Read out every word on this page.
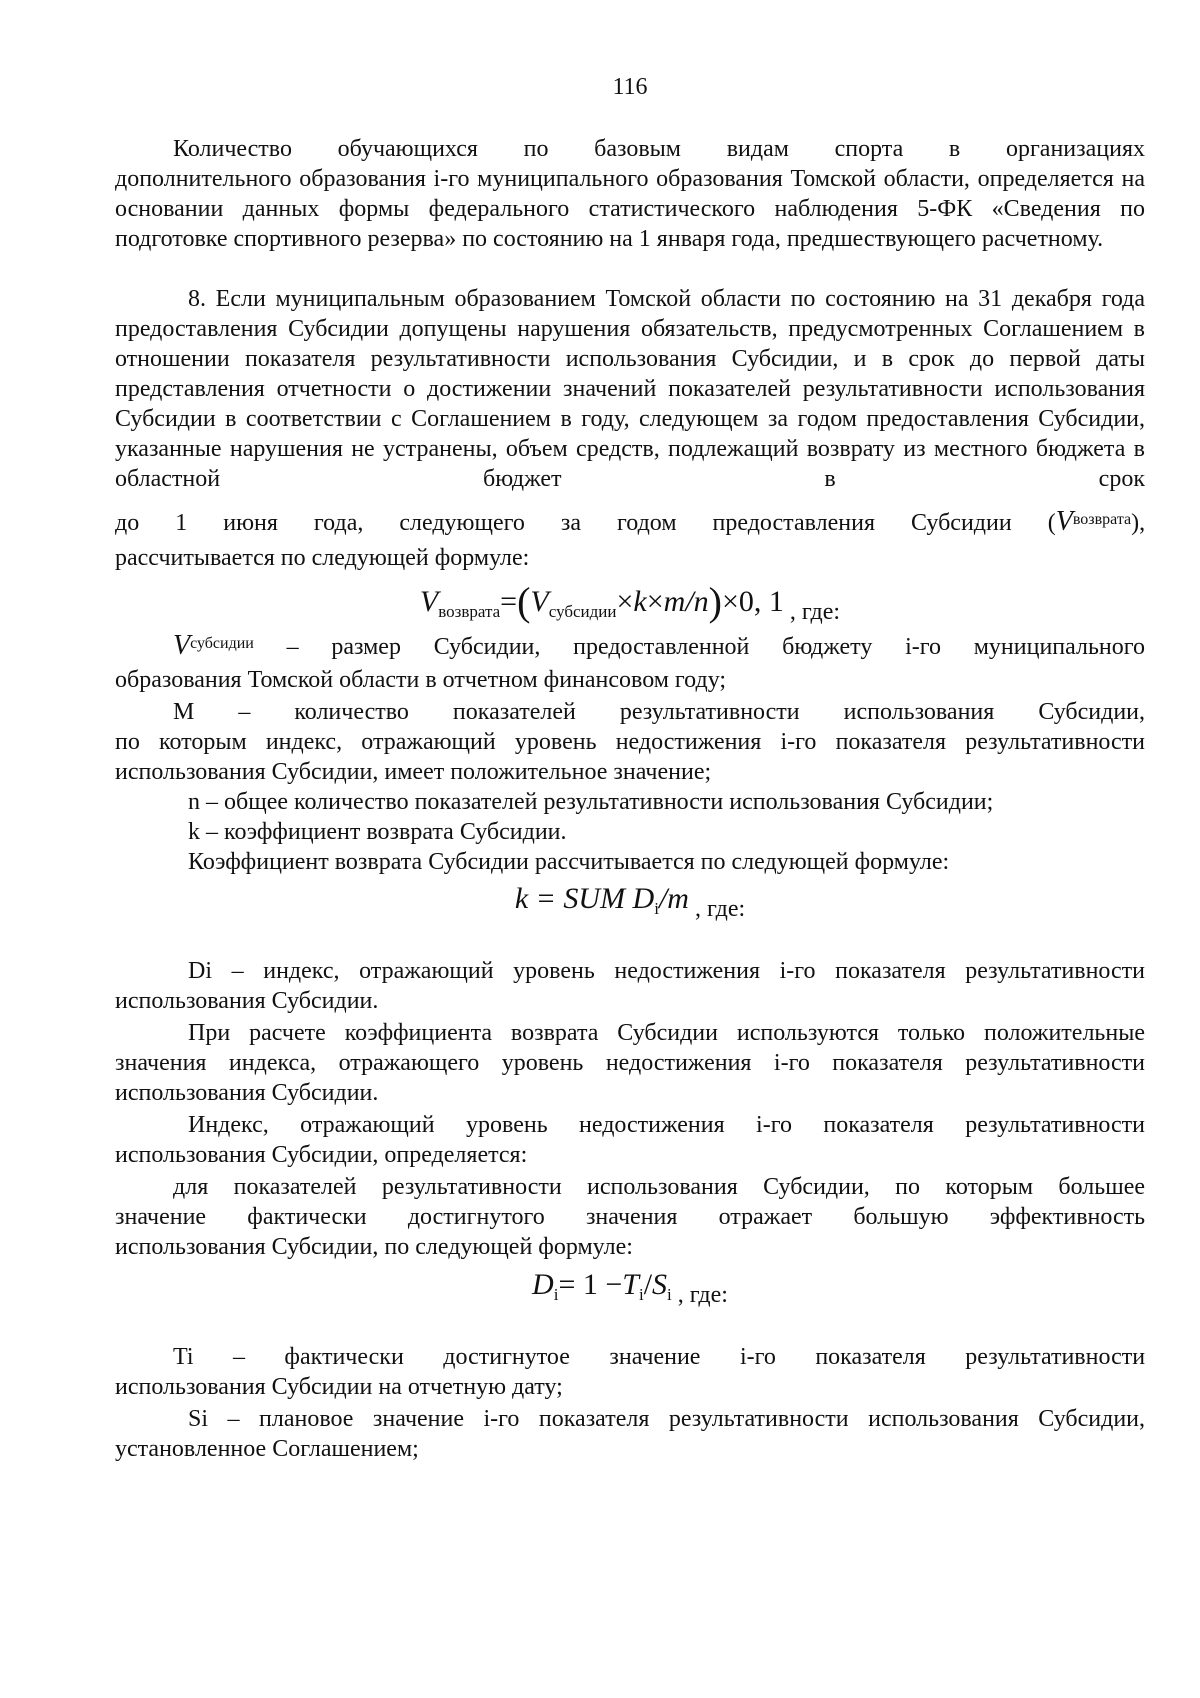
116
Количество обучающихся по базовым видам спорта в организациях

дополнительного образования i-го муниципального образования Томской области, определяется на основании данных формы федерального статистического наблюдения 5-ФК «Сведения по подготовке спортивного резерва» по состоянию на 1 января года, предшествующего расчетному.

8. Если муниципальным образованием Томской области по состоянию на 31 декабря года предоставления Субсидии допущены нарушения обязательств, предусмотренных Соглашением в отношении показателя результативности использования Субсидии, и в срок до первой даты представления отчетности о достижении значений показателей результативности использования Субсидии в соответствии с Соглашением в году, следующем за годом предоставления Субсидии, указанные нарушения не устранены, объем средств, подлежащий возврату из местного бюджета в областной бюджет в срок

до 1 июня года, следующего за годом предоставления Субсидии $(V^{возврата})$,

рассчитывается по следующей формуле:

$V_{возврата}=(V_{субсидии}\times k\times m/n)\times 0$, 1 , где:
$V^{субсидии}$ – размер Субсидии, предоставленной бюджету i-го муниципального
образования Томской области в отчетном финансовом году;
М – количество показателей результативности использования Субсидии,

по которым индекс, отражающий уровень недостижения i-го показателя результативности использования Субсидии, имеет положительное значение;

n – общее количество показателей результативности использования Субсидии;

k – коэффициент возврата Субсидии.

Коэффициент возврата Субсидии рассчитывается по следующей формуле:

k = SUM $D_i/m$ , где:

Di – индекс, отражающий уровень недостижения i-го показателя результативности использования Субсидии.

При расчете коэффициента возврата Субсидии используются только положительные значения индекса, отражающего уровень недостижения i-го показателя результативности использования Субсидии.

Индекс, отражающий уровень недостижения i-го показателя результативности использования Субсидии, определяется:

для показателей результативности использования Субсидии, по которым большее
значение фактически достигнутого значения отражает большую эффективность
использования Субсидии, по следующей формуле:
$D_i= 1 -T_i/S_i$ , где:
Ti – фактически достигнутое значение i-го показателя результативности
использования Субсидии на отчетную дату;

Si – плановое значение i-го показателя результативности использования Субсидии, установленное Соглашением;
